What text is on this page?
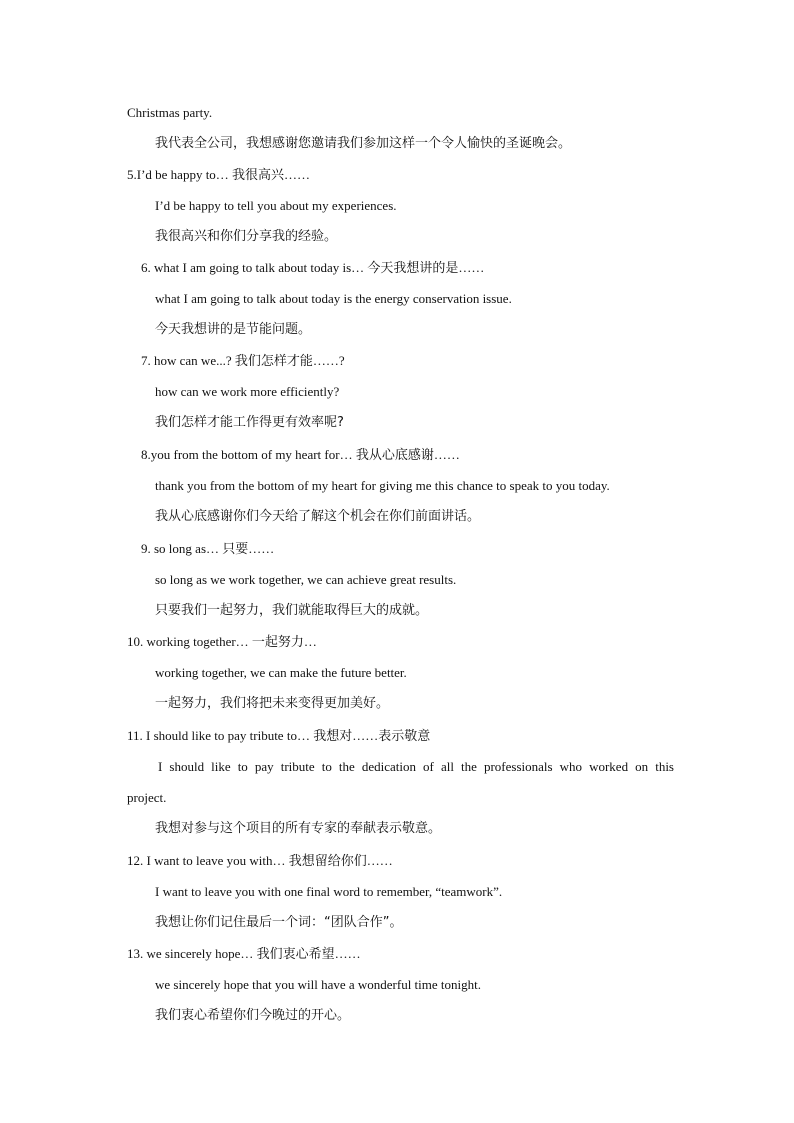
Christmas party.
我代表全公司，我想感谢您邀请我们参加这样一个令人愉快的圣诞晚会。
5.I’d be happy to… 我很高兴……
I’d be happy to tell you about my experiences.
我很高兴和你们分享我的经验。
6. what I am going to talk about today is… 今天我想讲的是……
what I am going to talk about today is the energy conservation issue.
今天我想讲的是节能问题。
7. how can we...? 我们怎样才能……?
how can we work more efficiently?
我们怎样才能工作得更有效率呢?
8.you from the bottom of my heart for… 我从心底感谢……
thank you from the bottom of my heart for giving me this chance to speak to you today.
我从心底感谢你们今天给了解这个机会在你们前面讲话。
9. so long as… 只要……
so long as we work together, we can achieve great results.
只要我们一起努力，我们就能取得巨大的成就。
10. working together… 一起努力…
working together, we can make the future better.
一起努力，我们将把未来变得更加美好。
11. I should like to pay tribute to… 我想对……表示敬意
I should like to pay tribute to the dedication of all the professionals who worked on this
project.
我想对参与这个项目的所有专家的奉献表示敬意。
12. I want to leave you with… 我想留给你们……
I want to leave you with one final word to remember, “teamwork”.
我想让你们记住最后一个词：“团队合作”。
13. we sincerely hope… 我们衷心希望……
we sincerely hope that you will have a wonderful time tonight.
我们衷心希望你们今晚过的开心。
